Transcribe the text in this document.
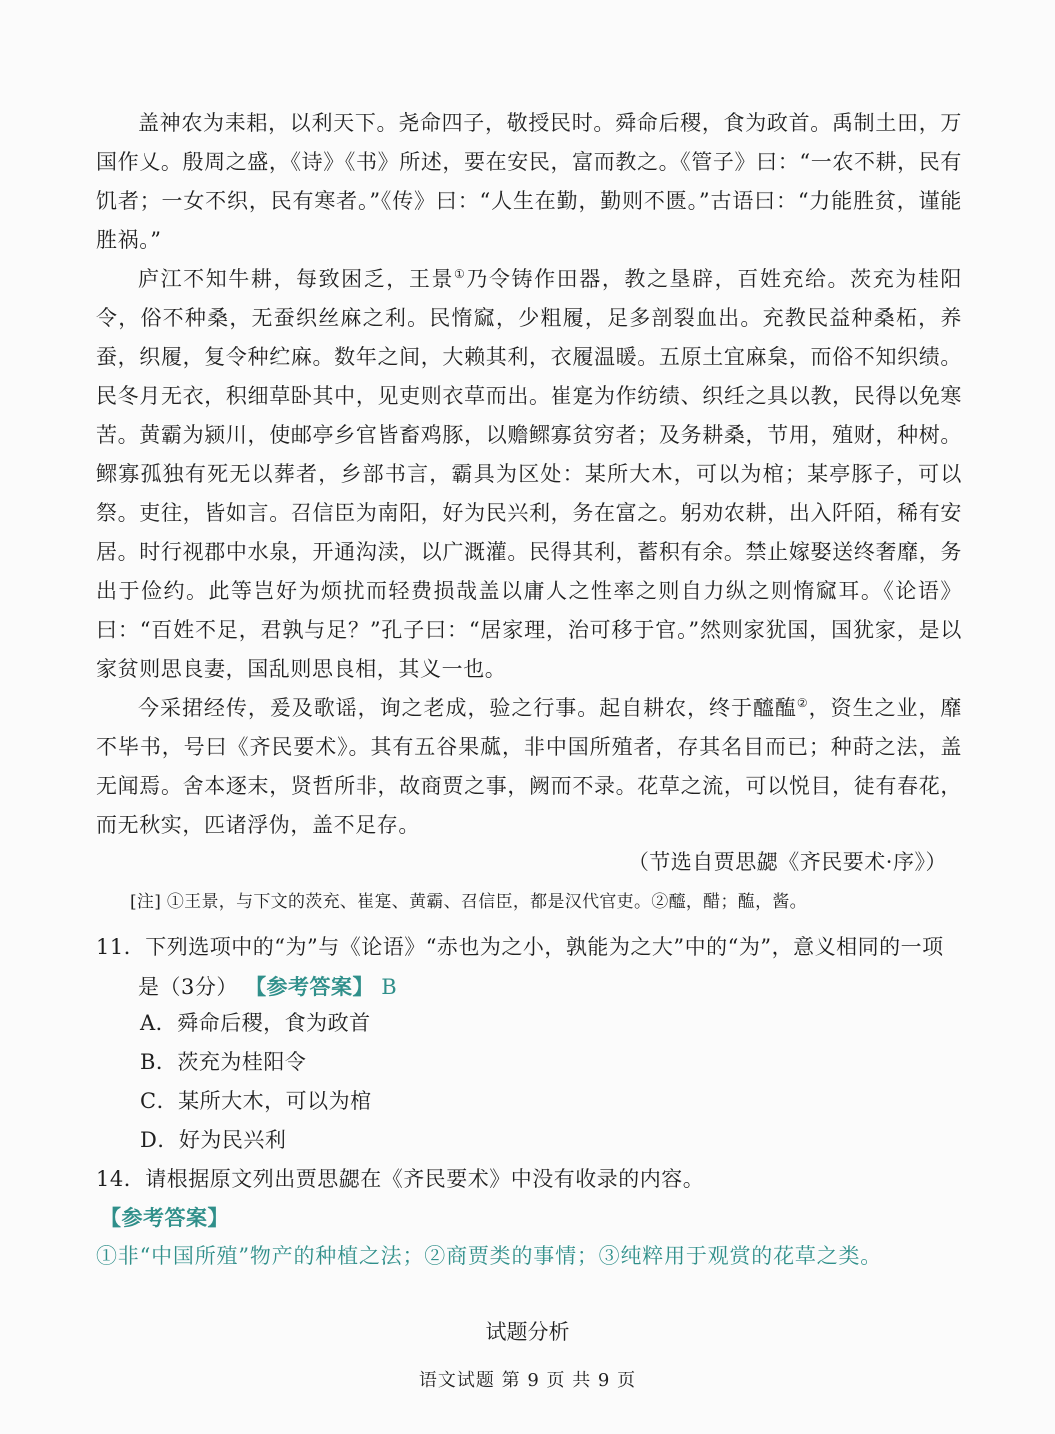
盖神农为耒耜，以利天下。尧命四子，敬授民时。舜命后稷，食为政首。禹制土田，万国作乂。殷周之盛，《诗》《书》所述，要在安民，富而教之。《管子》曰：“一农不耕，民有饥者；一女不织，民有寒者。”《传》曰：“人生在勤，勤则不匮。”古语曰：“力能胜贫，谨能胜祸。”

庐江不知牛耕，每致困乏，王景①乃令铸作田器，教之垦辟，百姓充给。茨充为桂阳令，俗不种桑，无蚕织丝麻之利。民惰窳，少粗履，足多剖裂血出。充教民益种桑柘，养蚕，织履，复令种纻麻。数年之间，大赖其利，衣履温暖。五原土宜麻枲，而俗不知织绩。民冬月无衣，积细草卧其中，见吏则衣草而出。崔寔为作纺绩、织纴之具以教，民得以免寒苦。黄霸为颍川，使邮亭乡官皆畜鸡豚，以赡鳏寡贫穷者；及务耕桑，节用，殖财，种树。鳏寡孤独有死无以葬者，乡部书言，霸具为区处：某所大木，可以为棺；某亭豚子，可以祭。吏往，皆如言。召信臣为南阳，好为民兴利，务在富之。躬劝农耕，出入阡陌，稀有安居。时行视郡中水泉，开通沟渎，以广溉灌。民得其利，蓄积有余。禁止嫁娶送终奢靡，务出于俭约。此等岂好为烦扰而轻费损哉盖以庸人之性率之则自力纵之则惰窳耳。《论语》曰：“百姓不足，君孰与足？”孔子曰：“居家理，治可移于官。”然则家犹国，国犹家，是以家贫则思良妻，国乱则思良相，其义一也。

今采捃经传，爰及歌谣，询之老成，验之行事。起自耕农，终于醯醢②，资生之业，靡不毕书，号曰《齐民要术》。其有五谷果蓏，非中国所殖者，存其名目而已；种莳之法，盖无闻焉。舍本逐末，贤哲所非，故商贾之事，阙而不录。花草之流，可以悦目，徒有春花，而无秋实，匹诸浮伪，盖不足存。

（节选自贾思勰《齐民要术·序》）
[注] ①王景，与下文的茨充、崔寔、黄霸、召信臣，都是汉代官吏。②醯，醋；醢，酱。
11．下列选项中的“为”与《论语》“赤也为之小，孰能为之大”中的“为”，意义相同的一项
是（3分） 【参考答案】 B
A．舜命后稷，食为政首
B．茨充为桂阳令
C．某所大木，可以为棺
D．好为民兴利
14．请根据原文列出贾思勰在《齐民要术》中没有收录的内容。
【参考答案】
①非“中国所殖”物产的种植之法；②商贾类的事情；③纯粹用于观赏的花草之类。
试题分析
语文试题 第 9 页 共 9 页
